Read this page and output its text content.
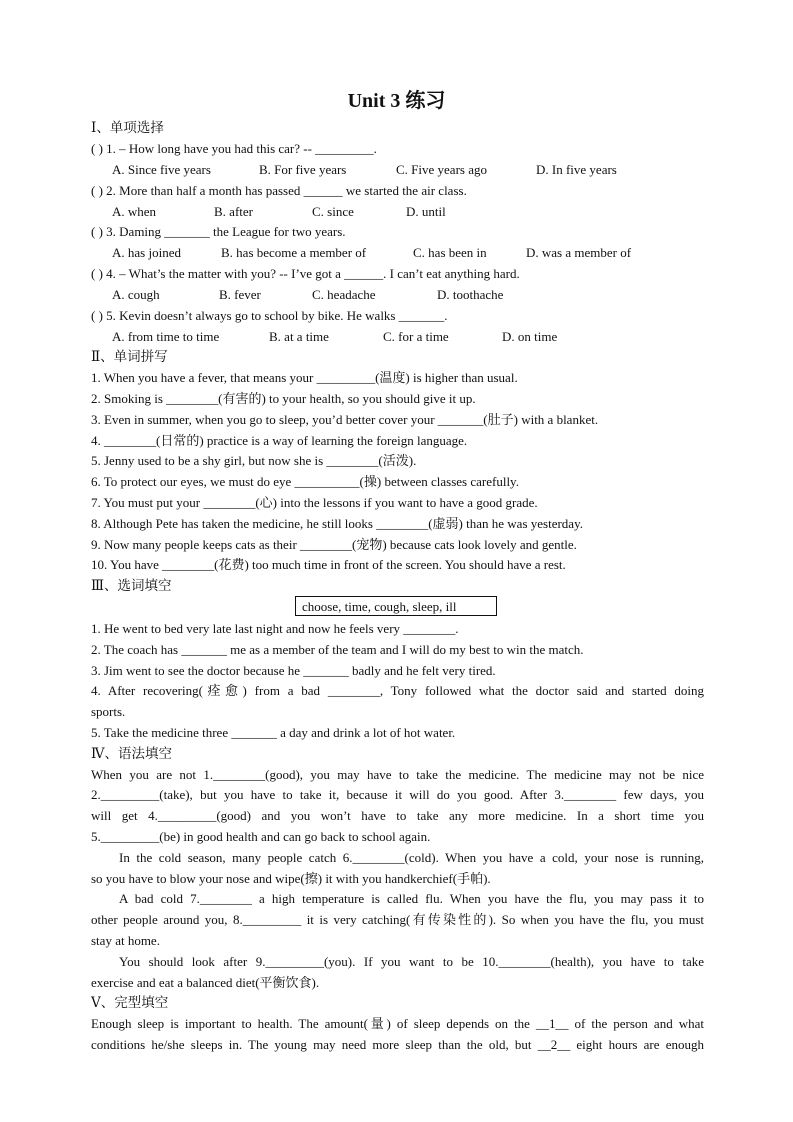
Unit 3 练习
Ⅰ、单项选择
( ) 1. – How long have you had this car? -- _________.
A. Since five years	B. For five years	C. Five years ago	D. In five years
( ) 2. More than half a month has passed ______ we started the air class.
A. when	B. after	C. since	D. until
( ) 3. Daming _______ the League for two years.
A. has joined	B. has become a member of	C. has been in	D. was a member of
( ) 4. – What’s the matter with you? -- I’ve got a ______. I can’t eat anything hard.
A. cough	B. fever	C. headache	D. toothache
( ) 5. Kevin doesn’t always go to school by bike. He walks _______.
A. from time to time	B. at a time	C. for a time	D. on time
Ⅱ、单词拼写
1. When you have a fever, that means your _________(温度) is higher than usual.
2. Smoking is ________(有害的) to your health, so you should give it up.
3. Even in summer, when you go to sleep, you’d better cover your _______(肚子) with a blanket.
4. ________(日常的) practice is a way of learning the foreign language.
5. Jenny used to be a shy girl, but now she is ________(活泼).
6. To protect our eyes, we must do eye __________(操) between classes carefully.
7. You must put your ________(心) into the lessons if you want to have a good grade.
8. Although Pete has taken the medicine, he still looks ________(虚弱) than he was yesterday.
9. Now many people keeps cats as their ________(宠物) because cats look lovely and gentle.
10. You have ________(花费) too much time in front of the screen. You should have a rest.
Ⅲ、选词填空
choose, time, cough, sleep, ill
1. He went to bed very late last night and now he feels very ________.
2. The coach has _______ me as a member of the team and I will do my best to win the match.
3. Jim went to see the doctor because he _______ badly and he felt very tired.
4. After recovering(痊愈) from a bad ________, Tony followed what the doctor said and started doing
sports.
5. Take the medicine three _______ a day and drink a lot of hot water.
Ⅳ、语法填空
When you are not 1.________(good), you may have to take the medicine. The medicine may not be nice
2._________(take), but you have to take it, because it will do you good. After 3.________ few days, you
will get 4._________(good) and you won’t have to take any more medicine. In a short time you
5._________(be) in good health and can go back to school again.
In the cold season, many people catch 6.________(cold). When you have a cold, your nose is running,
so you have to blow your nose and wipe(擦) it with you handkerchief(手帕).
A bad cold 7.________ a high temperature is called flu. When you have the flu, you may pass it to
other people around you, 8._________ it is very catching(有传染性的). So when you have the flu, you must
stay at home.
You should look after 9._________(you). If you want to be 10.________(health), you have to take
exercise and eat a balanced diet(平衡饮食).
Ⅴ、完型填空
Enough sleep is important to health. The amount(量) of sleep depends on the __1__ of the person and what
conditions he/she sleeps in. The young may need more sleep than the old, but __2__ eight hours are enough
